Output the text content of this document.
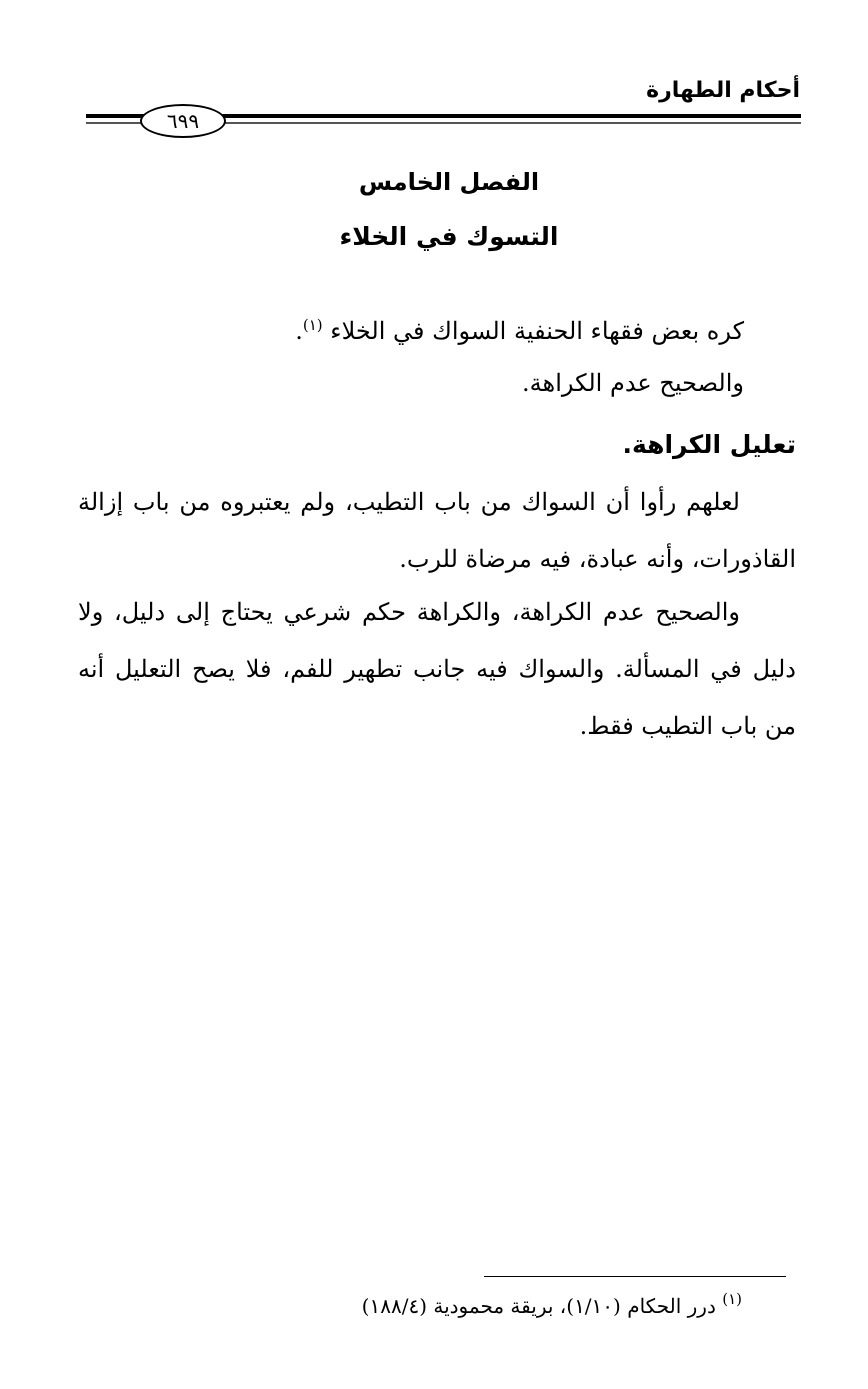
أحكام الطهارة
٦٩٩
الفصل الخامس
التسوك في الخلاء
كره بعض فقهاء الحنفية السواك في الخلاء $^{(١)}$.
والصحيح عدم الكراهة.
تعليل الكراهة.
لعلهم رأوا أن السواك من باب التطيب، ولم يعتبروه من باب إزالة القاذورات، وأنه عبادة، فيه مرضاة للرب.
والصحيح عدم الكراهة، والكراهة حكم شرعي يحتاج إلى دليل، ولا دليل في المسألة. والسواك فيه جانب تطهير للفم، فلا يصح التعليل أنه من باب التطيب فقط.
$^{(١)}$ درر الحكام (١/١٠)، بريقة محمودية (١٨٨/٤)
